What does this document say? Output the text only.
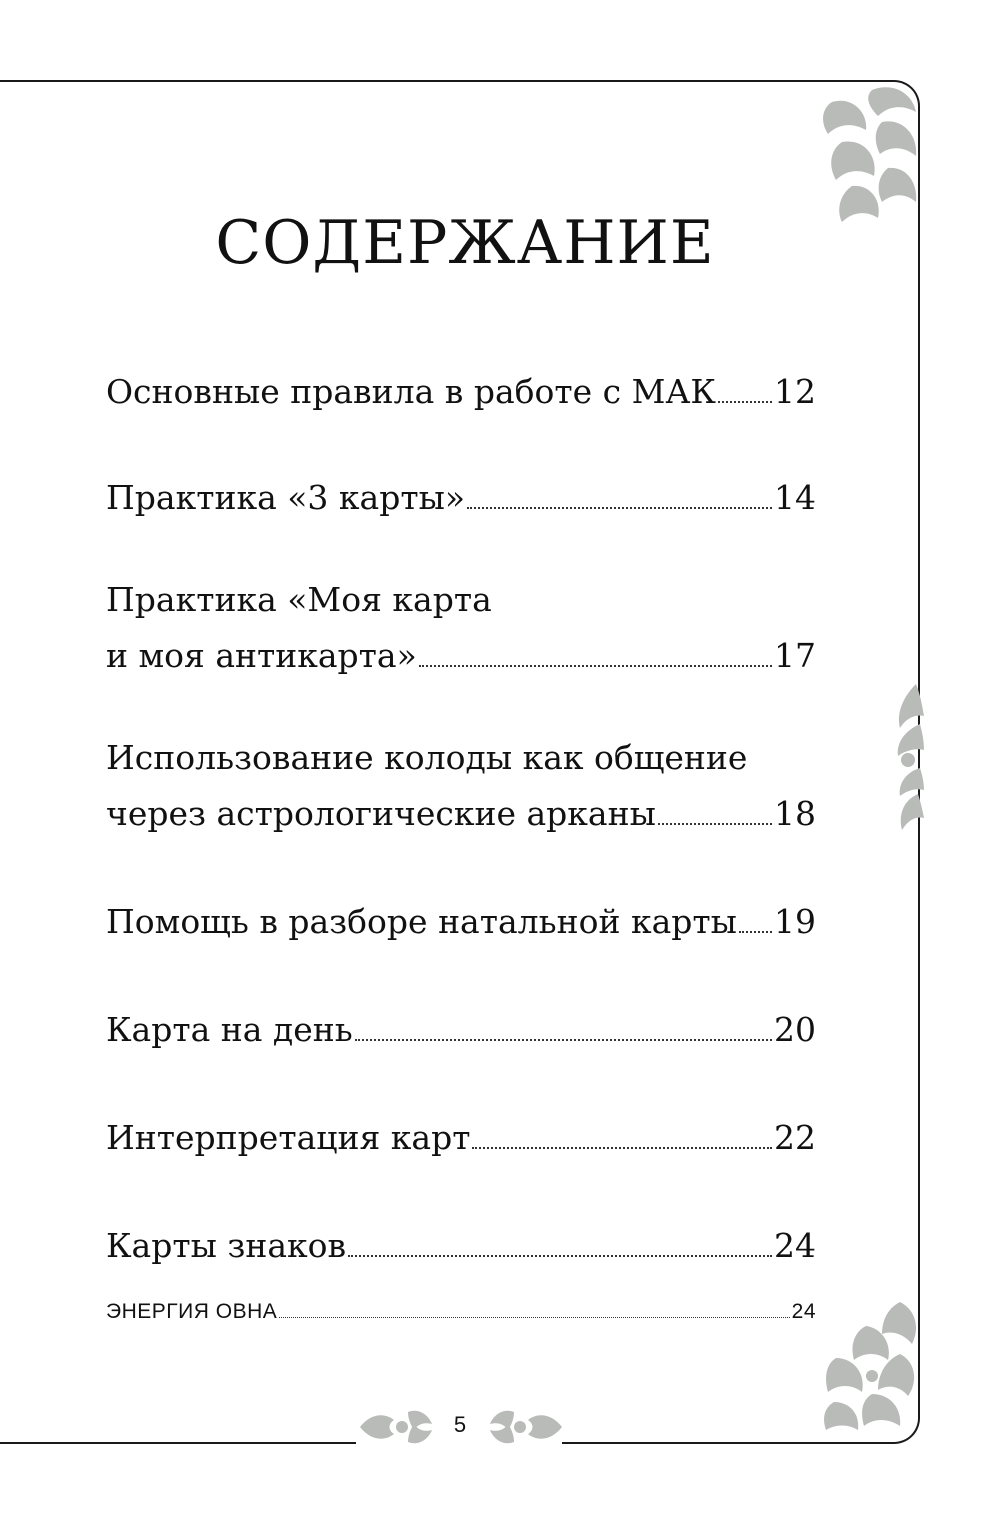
СОДЕРЖАНИЕ
Основные правила в работе с МАК 12
Практика «3 карты»	14
Практика «Моя карта
и моя антикарта»	17
Использование колоды как общение
через астрологические арканы	18
Помощь в разборе натальной карты 19
Карта на день	20
Интерпретация карт	22
Карты знаков	24
ЭНЕРГИЯ ОВНА	24
5
